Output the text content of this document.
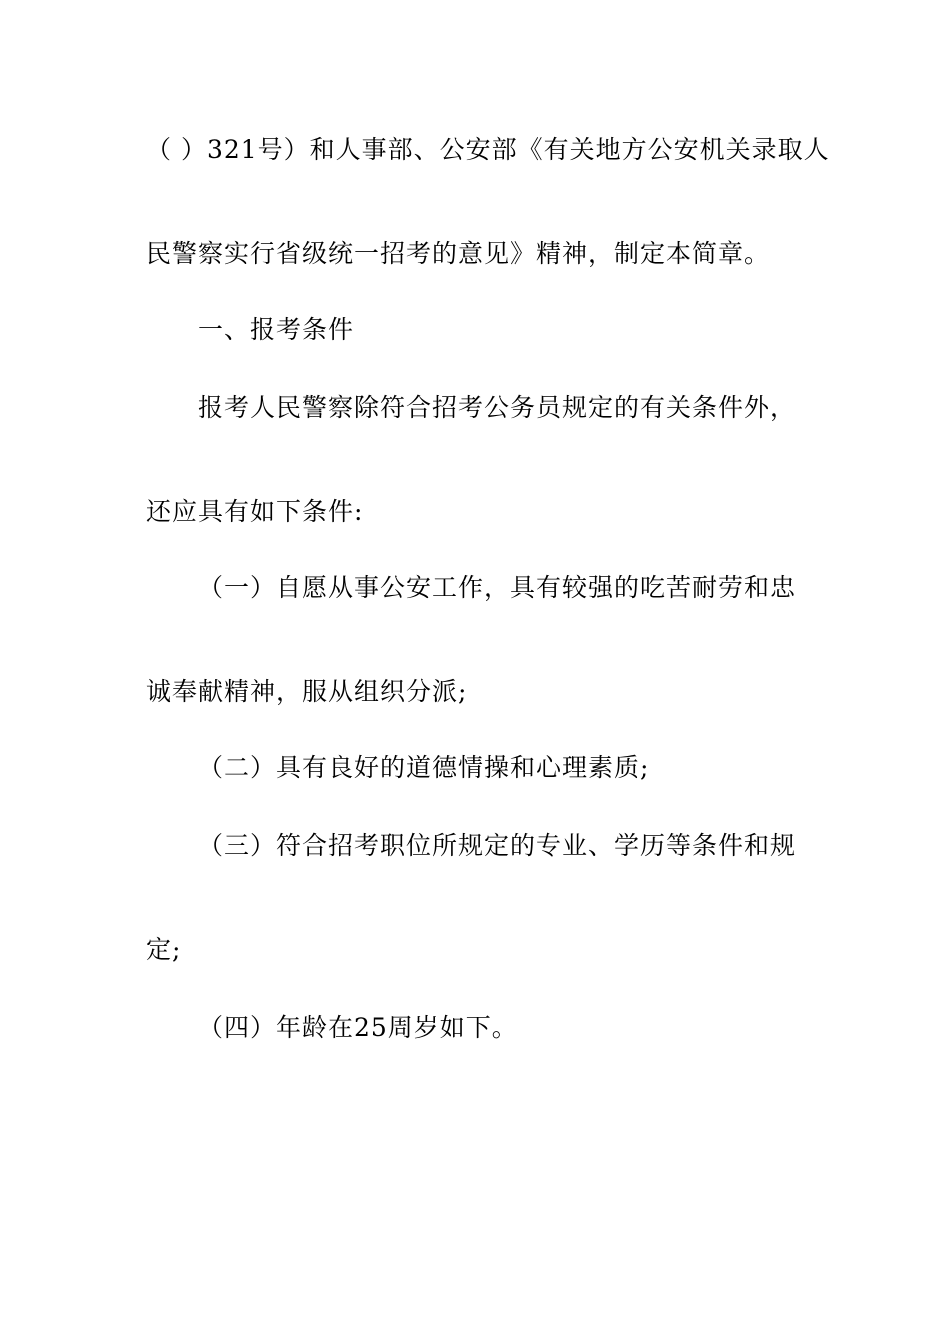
（ ）321号）和人事部、公安部《有关地方公安机关录取人

民警察实行省级统一招考的意见》精神，制定本简章。

一、报考条件

报考人民警察除符合招考公务员规定的有关条件外，

还应具有如下条件:

（一）自愿从事公安工作，具有较强的吃苦耐劳和忠

诚奉献精神，服从组织分派;

（二）具有良好的道德情操和心理素质;

（三）符合招考职位所规定的专业、学历等条件和规

定;

（四）年龄在25周岁如下。
